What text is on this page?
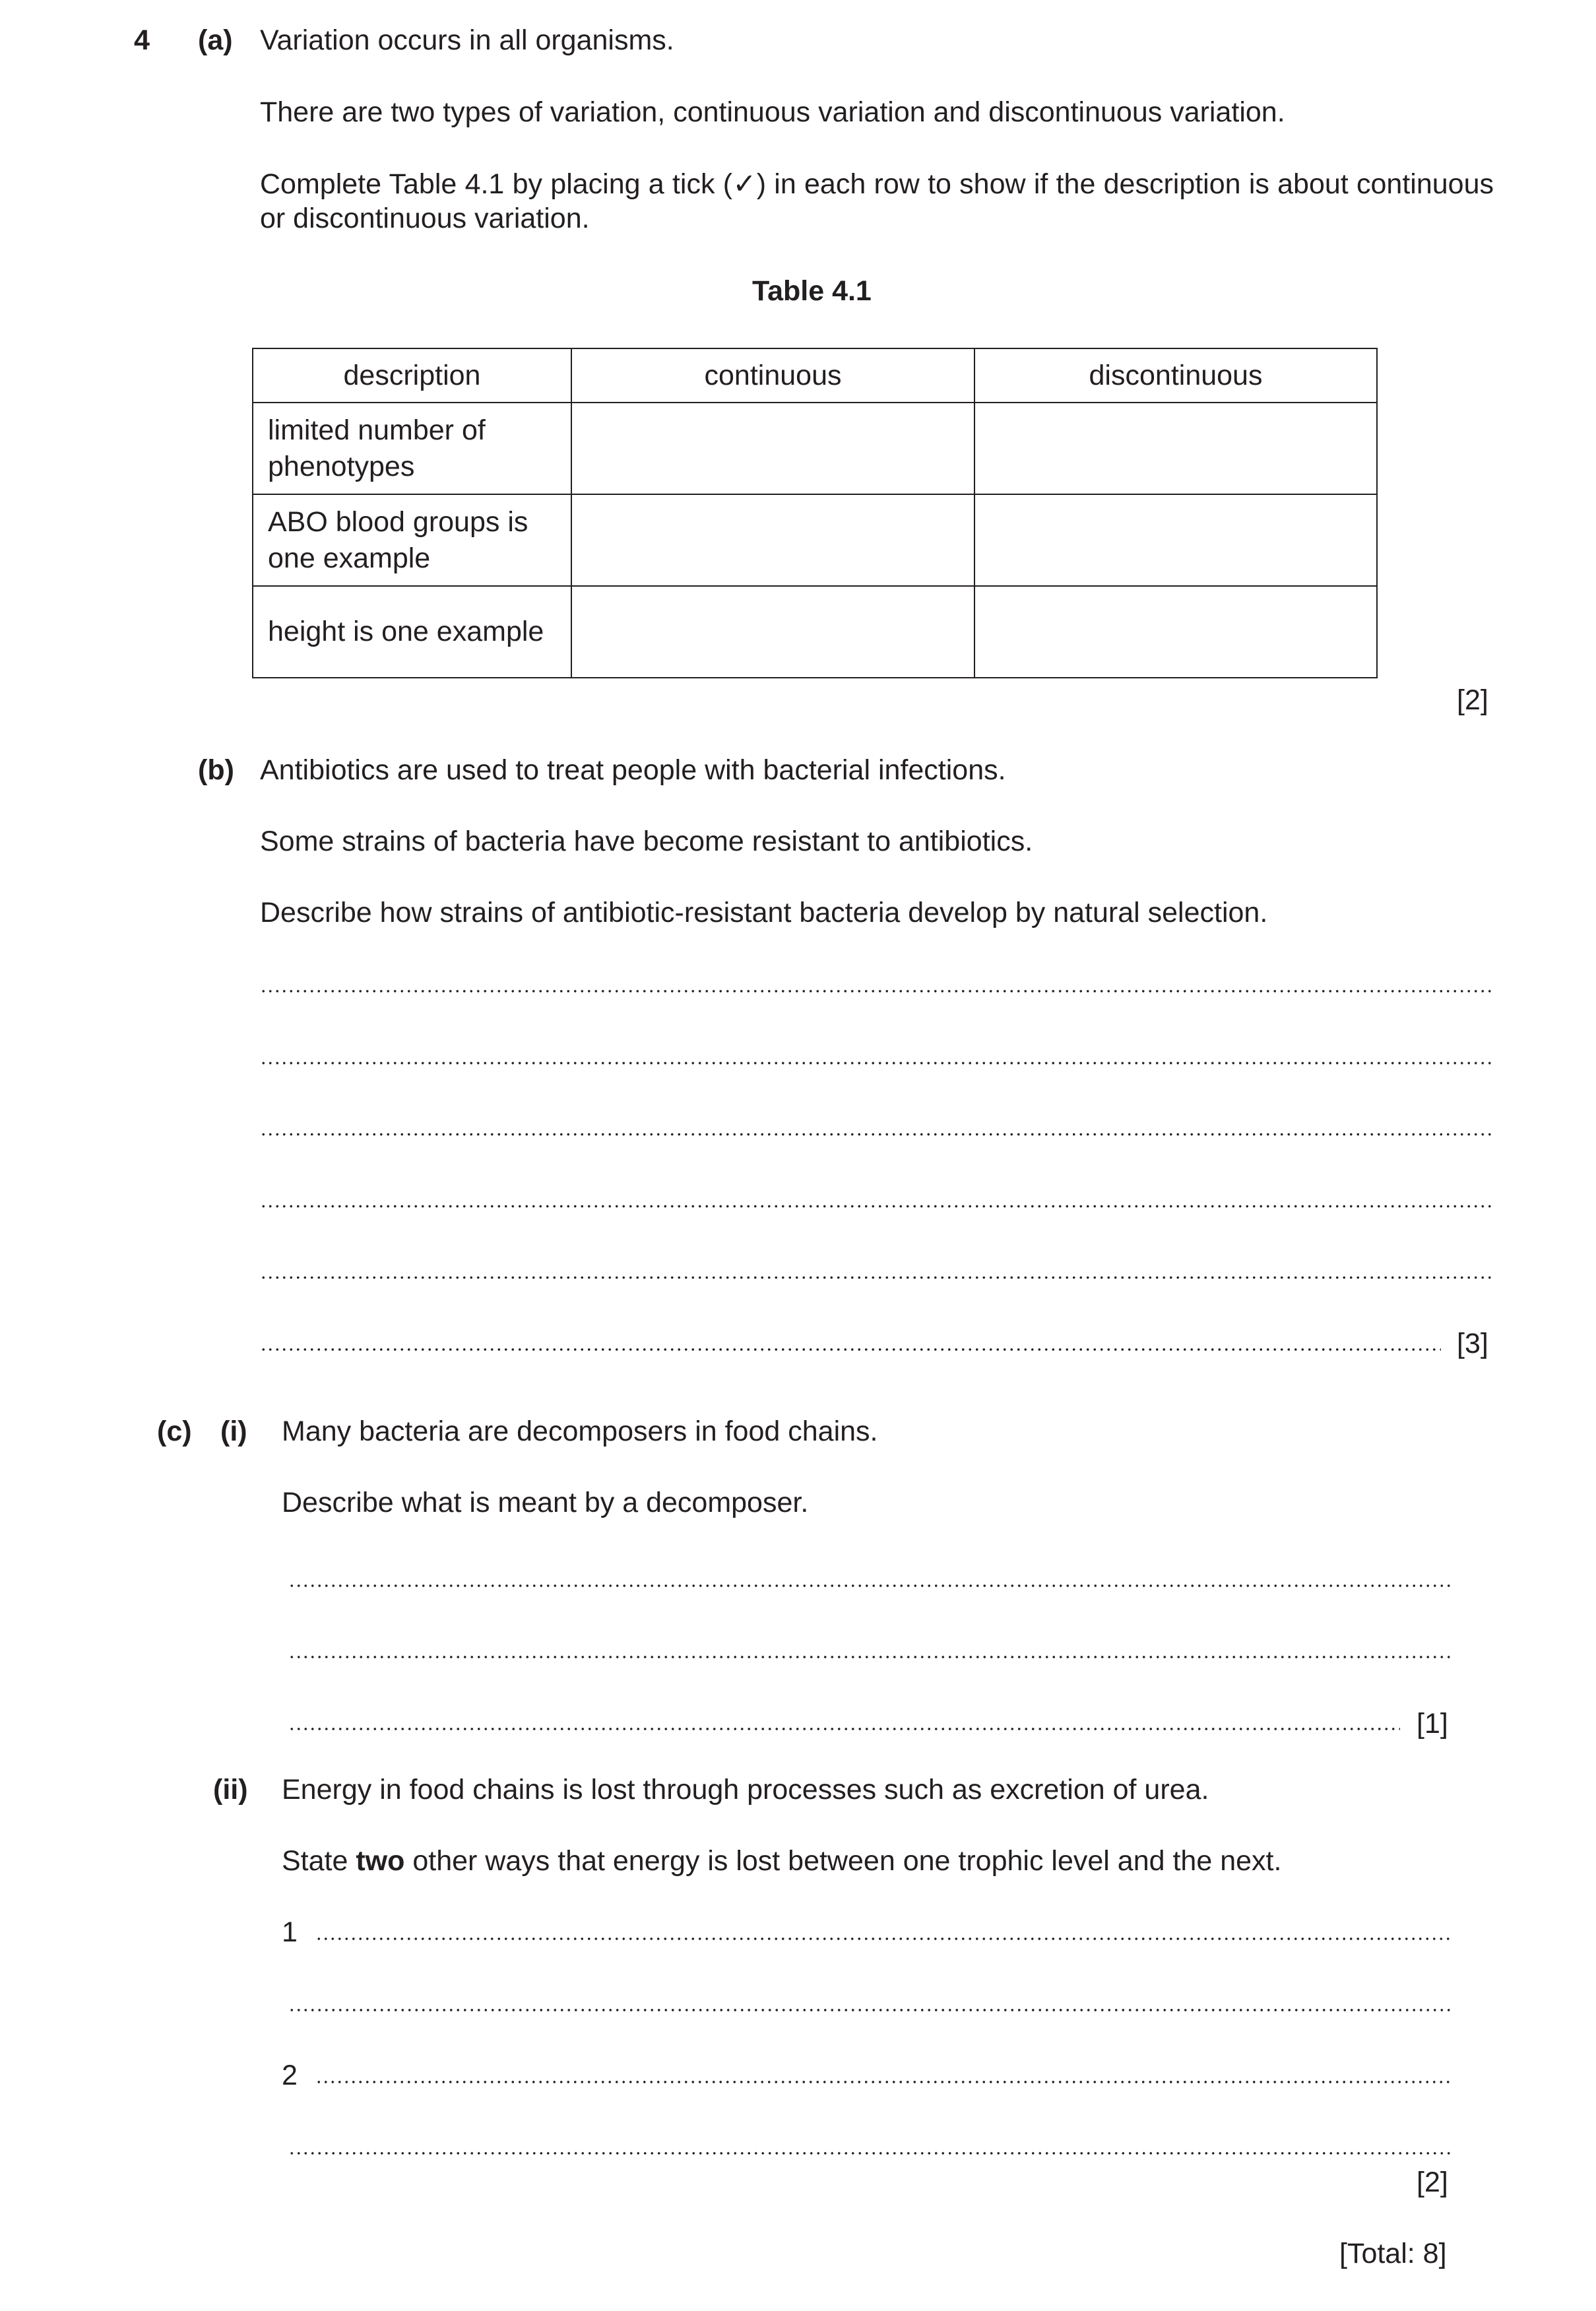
4 (a) Variation occurs in all organisms.
There are two types of variation, continuous variation and discontinuous variation.
Complete Table 4.1 by placing a tick (✓) in each row to show if the description is about continuous or discontinuous variation.
Table 4.1
description	continuous	discontinuous
limited number of phenotypes		
ABO blood groups is one example		
height is one example		
[2]
(b) Antibiotics are used to treat people with bacterial infections.
Some strains of bacteria have become resistant to antibiotics.
Describe how strains of antibiotic-resistant bacteria develop by natural selection.
[3]
(c) (i) Many bacteria are decomposers in food chains.
Describe what is meant by a decomposer.
[1]
(ii) Energy in food chains is lost through processes such as excretion of urea.
State two other ways that energy is lost between one trophic level and the next.
1
2
[2]
[Total: 8]
